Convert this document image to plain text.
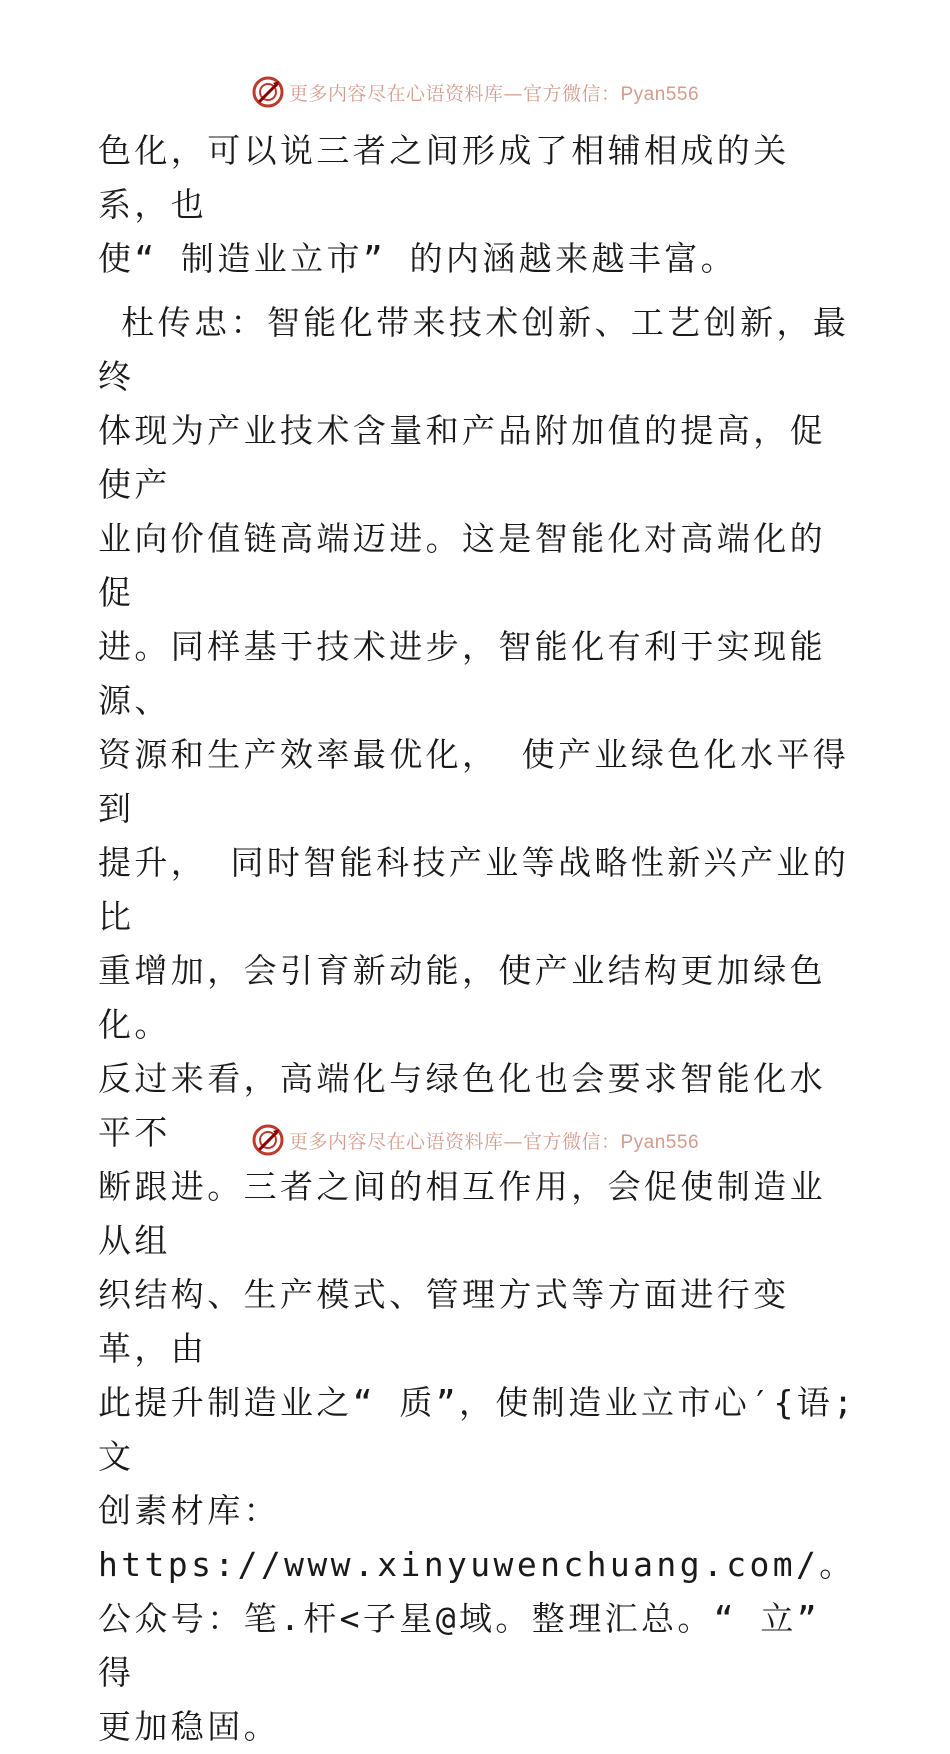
更多内容尽在心语资料库—官方微信：Pyan556

色化，可以说三者之间形成了相辅相成的关系，也
使“ 制造业立市” 的内涵越来越丰富。

杜传忠：智能化带来技术创新、工艺创新，最终
体现为产业技术含量和产品附加值的提高，促使产
业向价值链高端迈进。这是智能化对高端化的促
进。同样基于技术进步，智能化有利于实现能源、
资源和生产效率最优化， 使产业绿色化水平得到
提升， 同时智能科技产业等战略性新兴产业的比
重增加，会引育新动能，使产业结构更加绿色化。
反过来看，高端化与绿色化也会要求智能化水平不
断跟进。三者之间的相互作用，会促使制造业从组
织结构、生产模式、管理方式等方面进行变革，由
此提升制造业之“ 质”，使制造业立市心′{语;文
创素材库：https://www.xinyuwenchuang.com/。
公众号：笔.杆<子星@域。整理汇总。“ 立” 得
更加稳固。

更多内容尽在心语资料库—官方微信：Pyan556
